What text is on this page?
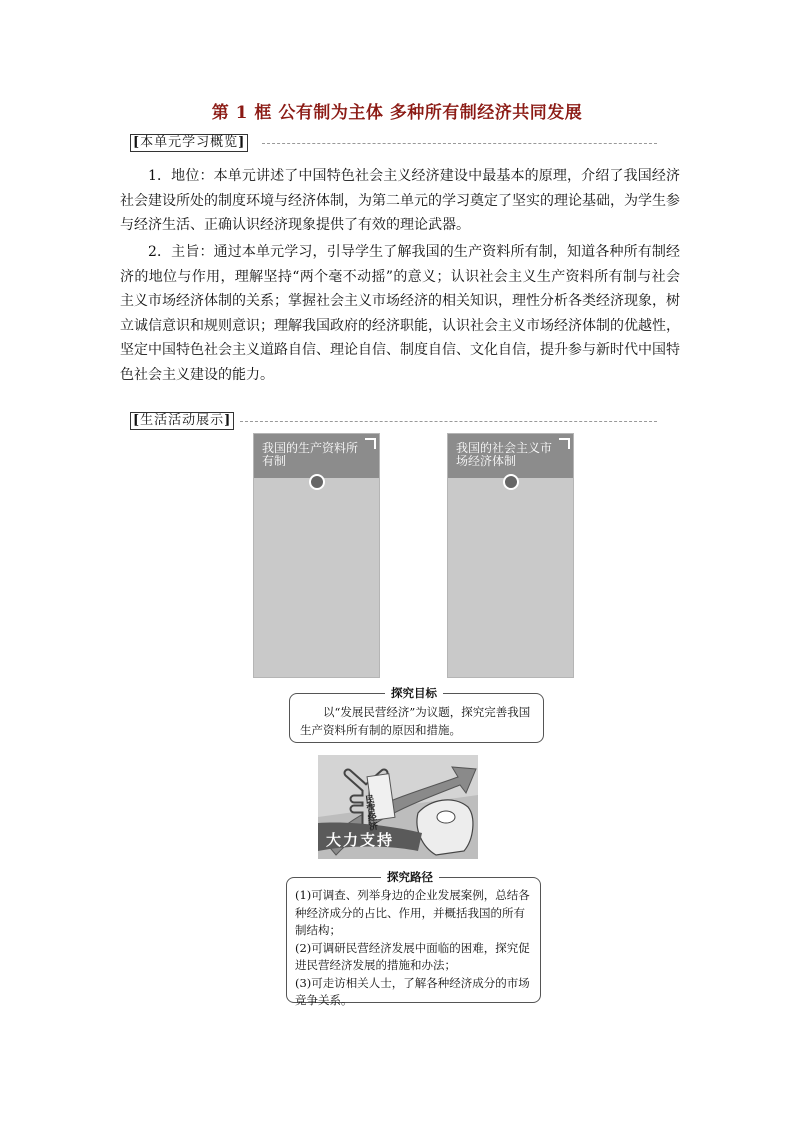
第 1 框 公有制为主体 多种所有制经济共同发展
[本单元学习概览]
1．地位：本单元讲述了中国特色社会主义经济建设中最基本的原理，介绍了我国经济社会建设所处的制度环境与经济体制，为第二单元的学习奠定了坚实的理论基础，为学生参与经济生活、正确认识经济现象提供了有效的理论武器。
2．主旨：通过本单元学习，引导学生了解我国的生产资料所有制，知道各种所有制经济的地位与作用，理解坚持“两个毫不动摇”的意义；认识社会主义生产资料所有制与社会主义市场经济体制的关系；掌握社会主义市场经济的相关知识，理性分析各类经济现象，树立诚信意识和规则意识；理解我国政府的经济职能，认识社会主义市场经济体制的优越性，坚定中国特色社会主义道路自信、理论自信、制度自信、文化自信，提升参与新时代中国特色社会主义建设的能力。
[生活活动展示]
我国的生产资料所有制
我国的社会主义市场经济体制
探究目标
以“发展民营经济”为议题，探究完善我国生产资料所有制的原因和措施。
民营经济
大力支持
探究路径
(1)可调查、列举身边的企业发展案例，总结各种经济成分的占比、作用，并概括我国的所有制结构；
(2)可调研民营经济发展中面临的困难，探究促进民营经济发展的措施和办法；
(3)可走访相关人士，了解各种经济成分的市场竞争关系。
